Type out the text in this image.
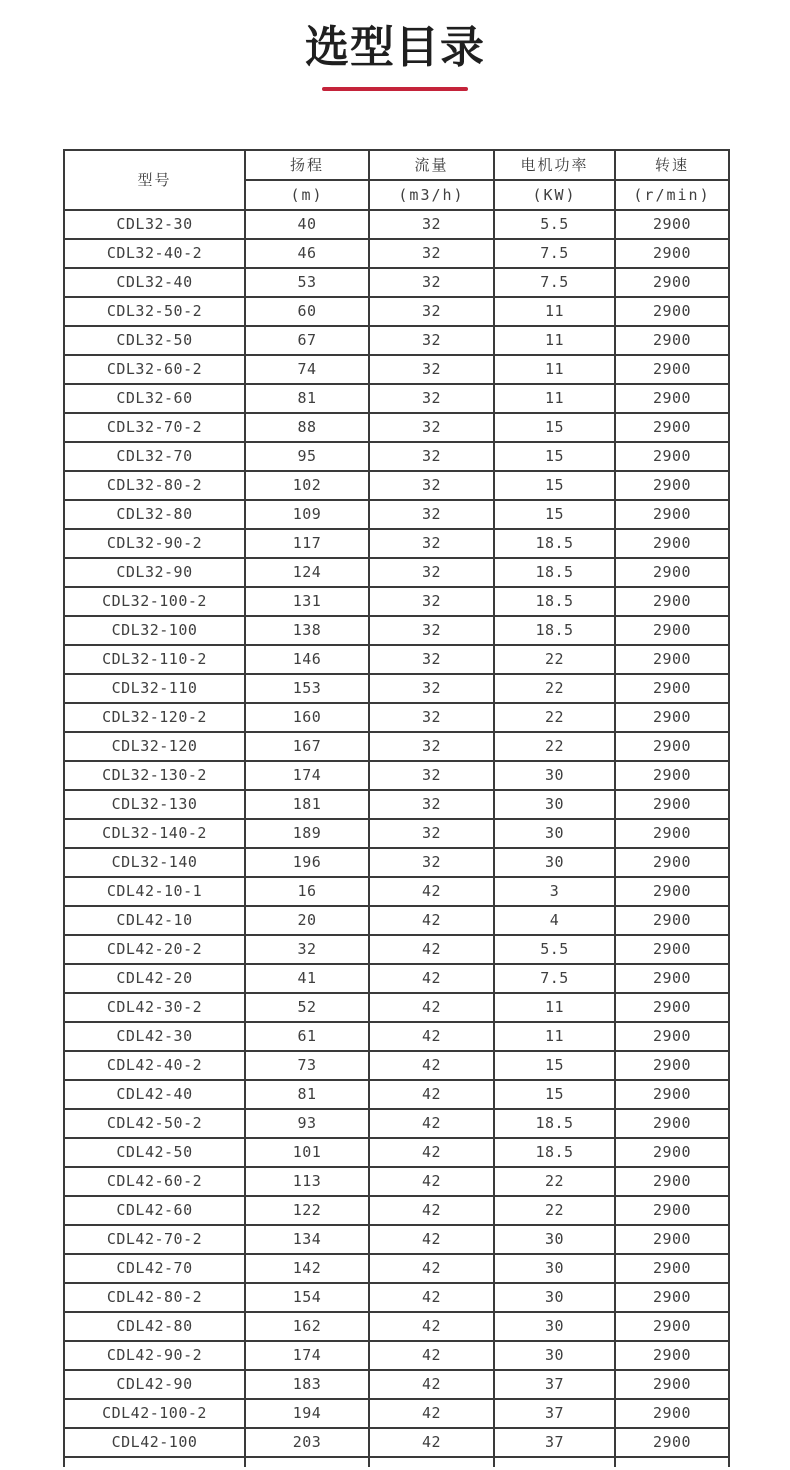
选型目录
型号	扬程	流量	电机功率	转速
	(m)	(m3/h)	(KW)	(r/min)
CDL32-30	40	32	5.5	2900
CDL32-40-2	46	32	7.5	2900
CDL32-40	53	32	7.5	2900
CDL32-50-2	60	32	11	2900
CDL32-50	67	32	11	2900
CDL32-60-2	74	32	11	2900
CDL32-60	81	32	11	2900
CDL32-70-2	88	32	15	2900
CDL32-70	95	32	15	2900
CDL32-80-2	102	32	15	2900
CDL32-80	109	32	15	2900
CDL32-90-2	117	32	18.5	2900
CDL32-90	124	32	18.5	2900
CDL32-100-2	131	32	18.5	2900
CDL32-100	138	32	18.5	2900
CDL32-110-2	146	32	22	2900
CDL32-110	153	32	22	2900
CDL32-120-2	160	32	22	2900
CDL32-120	167	32	22	2900
CDL32-130-2	174	32	30	2900
CDL32-130	181	32	30	2900
CDL32-140-2	189	32	30	2900
CDL32-140	196	32	30	2900
CDL42-10-1	16	42	3	2900
CDL42-10	20	42	4	2900
CDL42-20-2	32	42	5.5	2900
CDL42-20	41	42	7.5	2900
CDL42-30-2	52	42	11	2900
CDL42-30	61	42	11	2900
CDL42-40-2	73	42	15	2900
CDL42-40	81	42	15	2900
CDL42-50-2	93	42	18.5	2900
CDL42-50	101	42	18.5	2900
CDL42-60-2	113	42	22	2900
CDL42-60	122	42	22	2900
CDL42-70-2	134	42	30	2900
CDL42-70	142	42	30	2900
CDL42-80-2	154	42	30	2900
CDL42-80	162	42	30	2900
CDL42-90-2	174	42	30	2900
CDL42-90	183	42	37	2900
CDL42-100-2	194	42	37	2900
CDL42-100	203	42	37	2900
